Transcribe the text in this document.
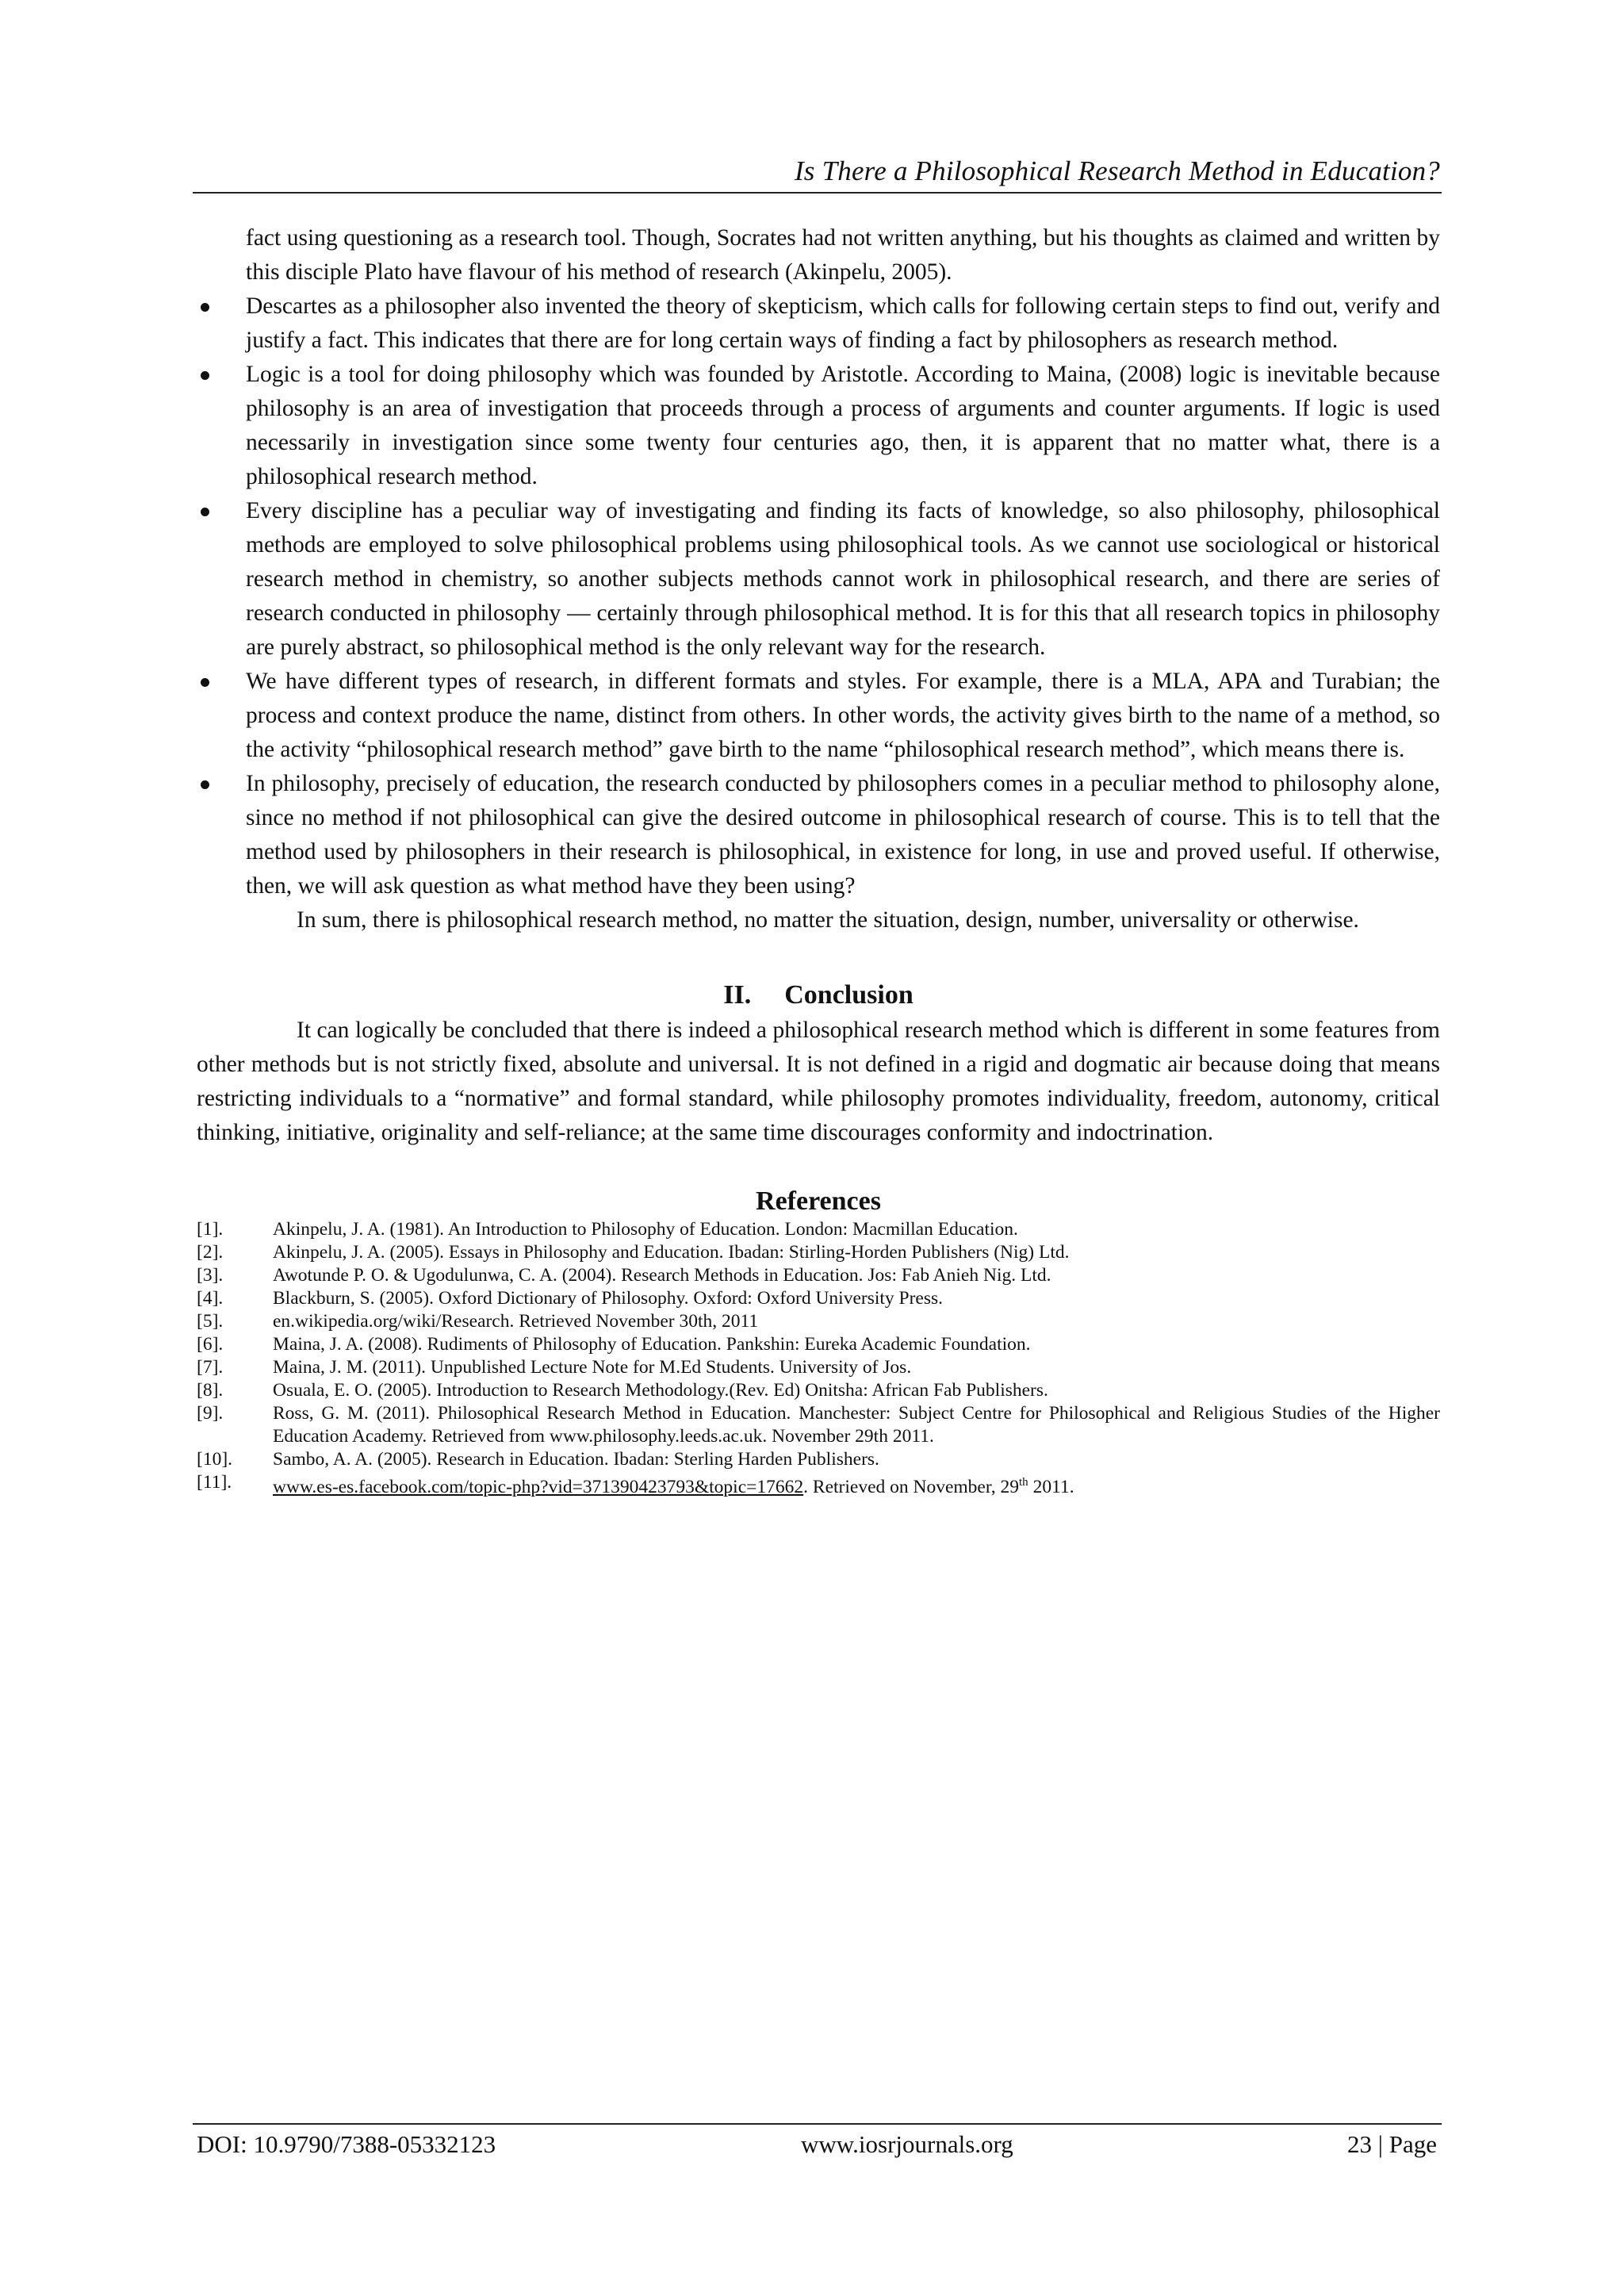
Is There a Philosophical Research Method in Education?

fact using questioning as a research tool. Though, Socrates had not written anything, but his thoughts as claimed and written by this disciple Plato have flavour of his method of research (Akinpelu, 2005).

Descartes as a philosopher also invented the theory of skepticism, which calls for following certain steps to find out, verify and justify a fact. This indicates that there are for long certain ways of finding a fact by philosophers as research method.
Logic is a tool for doing philosophy which was founded by Aristotle. According to Maina, (2008) logic is inevitable because philosophy is an area of investigation that proceeds through a process of arguments and counter arguments. If logic is used necessarily in investigation since some twenty four centuries ago, then, it is apparent that no matter what, there is a philosophical research method.
Every discipline has a peculiar way of investigating and finding its facts of knowledge, so also philosophy, philosophical methods are employed to solve philosophical problems using philosophical tools. As we cannot use sociological or historical research method in chemistry, so another subjects methods cannot work in philosophical research, and there are series of research conducted in philosophy — certainly through philosophical method. It is for this that all research topics in philosophy are purely abstract, so philosophical method is the only relevant way for the research.
We have different types of research, in different formats and styles. For example, there is a MLA, APA and Turabian; the process and context produce the name, distinct from others. In other words, the activity gives birth to the name of a method, so the activity “philosophical research method” gave birth to the name “philosophical research method”, which means there is.
In philosophy, precisely of education, the research conducted by philosophers comes in a peculiar method to philosophy alone, since no method if not philosophical can give the desired outcome in philosophical research of course. This is to tell that the method used by philosophers in their research is philosophical, in existence for long, in use and proved useful. If otherwise, then, we will ask question as what method have they been using?

In sum, there is philosophical research method, no matter the situation, design, number, universality or otherwise.

II. Conclusion

It can logically be concluded that there is indeed a philosophical research method which is different in some features from other methods but is not strictly fixed, absolute and universal. It is not defined in a rigid and dogmatic air because doing that means restricting individuals to a “normative” and formal standard, while philosophy promotes individuality, freedom, autonomy, critical thinking, initiative, originality and self-reliance; at the same time discourages conformity and indoctrination.

References
[1].	Akinpelu, J. A. (1981). An Introduction to Philosophy of Education. London: Macmillan Education.
[2].	Akinpelu, J. A. (2005). Essays in Philosophy and Education. Ibadan: Stirling-Horden Publishers (Nig) Ltd.
[3].	Awotunde P. O. & Ugodulunwa, C. A. (2004). Research Methods in Education. Jos: Fab Anieh Nig. Ltd.
[4].	Blackburn, S. (2005). Oxford Dictionary of Philosophy. Oxford: Oxford University Press.
[5].	en.wikipedia.org/wiki/Research. Retrieved November 30th, 2011
[6].	Maina, J. A. (2008). Rudiments of Philosophy of Education. Pankshin: Eureka Academic Foundation.
[7].	Maina, J. M. (2011). Unpublished Lecture Note for M.Ed Students. University of Jos.
[8].	Osuala, E. O. (2005). Introduction to Research Methodology.(Rev. Ed) Onitsha: African Fab Publishers.
[9].	Ross, G. M. (2011). Philosophical Research Method in Education. Manchester: Subject Centre for Philosophical and Religious Studies of the Higher Education Academy. Retrieved from www.philosophy.leeds.ac.uk. November 29th 2011.
[10].	Sambo, A. A. (2005). Research in Education. Ibadan: Sterling Harden Publishers.
[11].	www.es-es.facebook.com/topic-php?vid=371390423793&topic=17662. Retrieved on November, 29th 2011.
DOI: 10.9790/7388-05332123	www.iosrjournals.org	23 | Page
